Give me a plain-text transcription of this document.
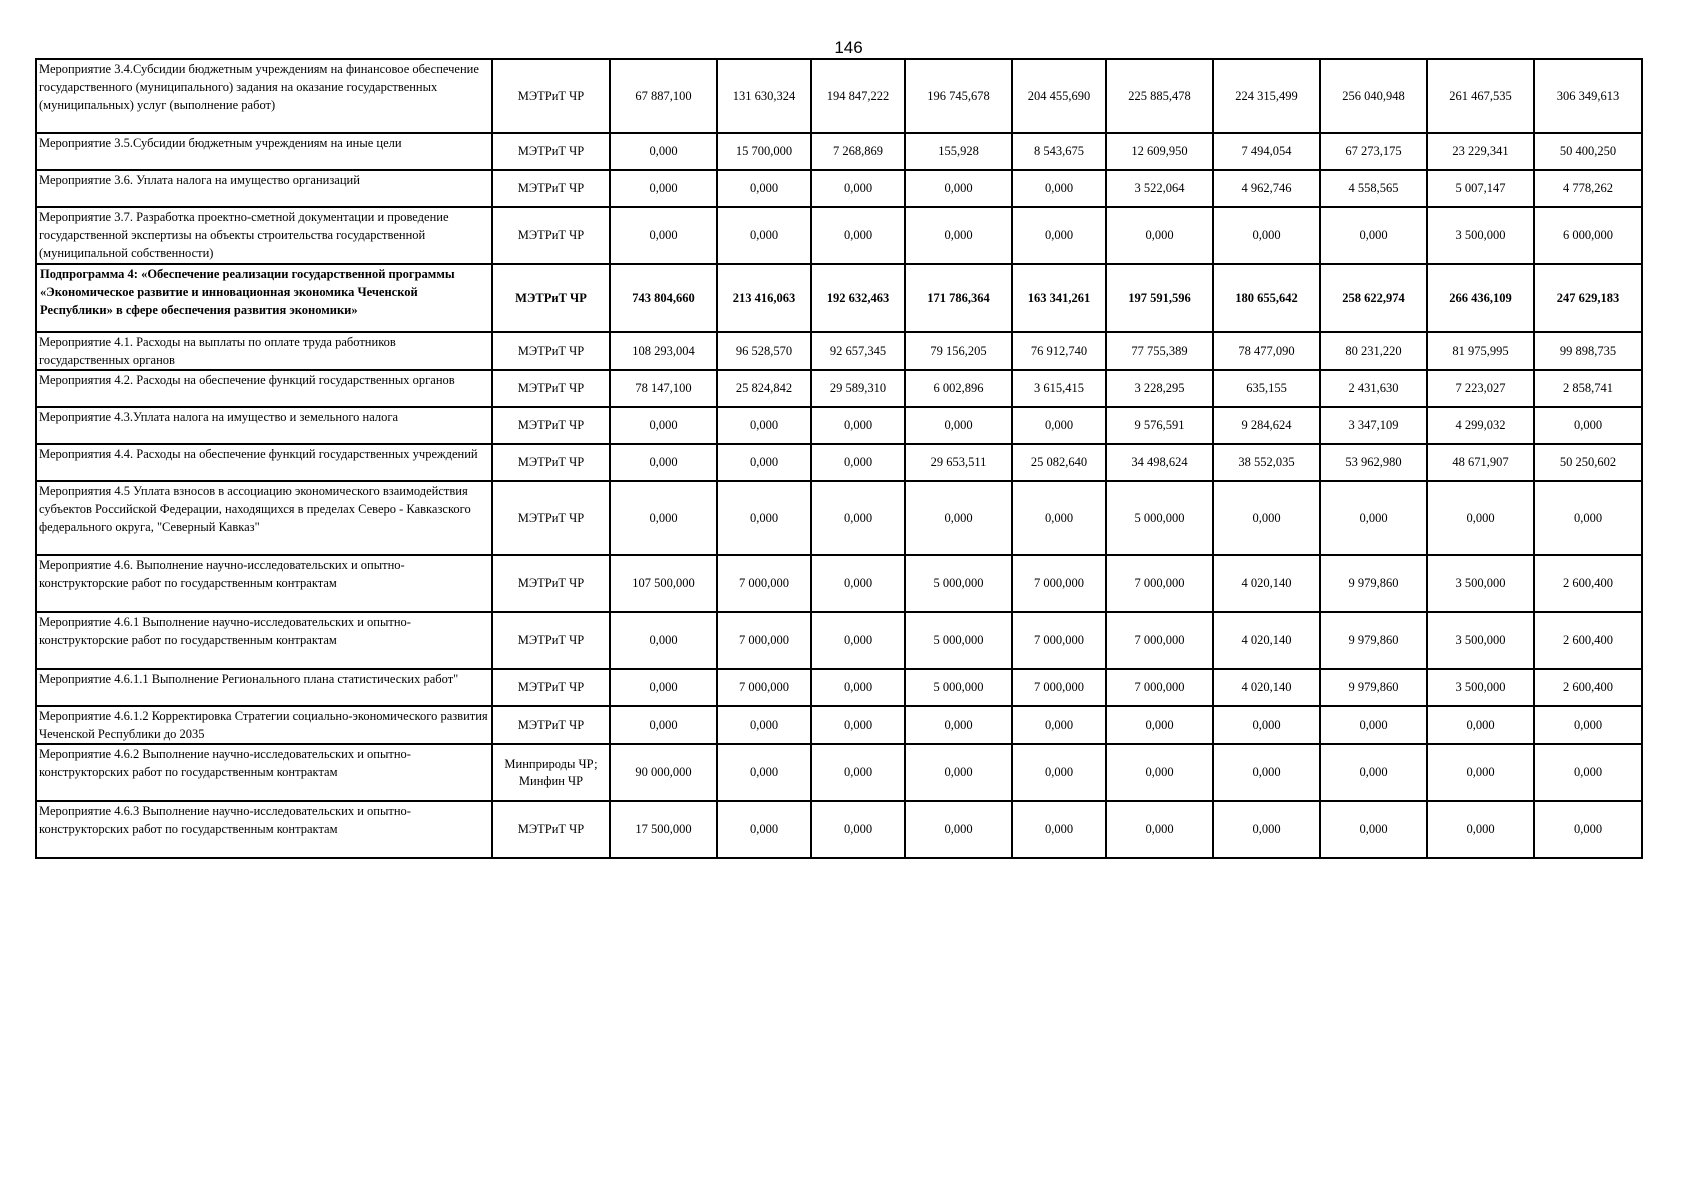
146
Мероприятие 3.4.Субсидии бюджетным учреждениям на финансовое обеспечение государственного (муниципального) задания на оказание государственных (муниципальных) услуг (выполнение работ)	МЭТРиТ ЧР	67 887,100	131 630,324	194 847,222	196 745,678	204 455,690	225 885,478	224 315,499	256 040,948	261 467,535	306 349,613
Мероприятие 3.5.Субсидии бюджетным учреждениям на иные цели	МЭТРиТ ЧР	0,000	15 700,000	7 268,869	155,928	8 543,675	12 609,950	7 494,054	67 273,175	23 229,341	50 400,250
Мероприятие 3.6. Уплата налога на имущество организаций	МЭТРиТ ЧР	0,000	0,000	0,000	0,000	0,000	3 522,064	4 962,746	4 558,565	5 007,147	4 778,262
Мероприятие 3.7. Разработка проектно-сметной документации и проведение государственной экспертизы на объекты строительства государственной (муниципальной собственности)	МЭТРиТ ЧР	0,000	0,000	0,000	0,000	0,000	0,000	0,000	0,000	3 500,000	6 000,000
Подпрограмма 4: «Обеспечение реализации государственной программы «Экономическое развитие и инновационная экономика Чеченской Республики» в сфере обеспечения развития экономики»	МЭТРиТ ЧР	743 804,660	213 416,063	192 632,463	171 786,364	163 341,261	197 591,596	180 655,642	258 622,974	266 436,109	247 629,183
Мероприятие 4.1. Расходы на выплаты по оплате труда работников государственных органов	МЭТРиТ ЧР	108 293,004	96 528,570	92 657,345	79 156,205	76 912,740	77 755,389	78 477,090	80 231,220	81 975,995	99 898,735
Мероприятия 4.2. Расходы на обеспечение функций государственных органов	МЭТРиТ ЧР	78 147,100	25 824,842	29 589,310	6 002,896	3 615,415	3 228,295	635,155	2 431,630	7 223,027	2 858,741
Мероприятие 4.3.Уплата налога на имущество и земельного налога	МЭТРиТ ЧР	0,000	0,000	0,000	0,000	0,000	9 576,591	9 284,624	3 347,109	4 299,032	0,000
Мероприятия 4.4. Расходы на обеспечение функций государственных учреждений	МЭТРиТ ЧР	0,000	0,000	0,000	29 653,511	25 082,640	34 498,624	38 552,035	53 962,980	48 671,907	50 250,602
Мероприятия 4.5 Уплата взносов в ассоциацию экономического взаимодействия субъектов Российской Федерации, находящихся в пределах Северо - Кавказского федерального округа, "Северный Кавказ"	МЭТРиТ ЧР	0,000	0,000	0,000	0,000	0,000	5 000,000	0,000	0,000	0,000	0,000
Мероприятие 4.6. Выполнение научно-исследовательских и опытно-конструкторские работ по государственным контрактам	МЭТРиТ ЧР	107 500,000	7 000,000	0,000	5 000,000	7 000,000	7 000,000	4 020,140	9 979,860	3 500,000	2 600,400
Мероприятие 4.6.1 Выполнение научно-исследовательских и опытно-конструкторские работ по государственным контрактам	МЭТРиТ ЧР	0,000	7 000,000	0,000	5 000,000	7 000,000	7 000,000	4 020,140	9 979,860	3 500,000	2 600,400
Мероприятие 4.6.1.1 Выполнение Регионального плана статистических работ"	МЭТРиТ ЧР	0,000	7 000,000	0,000	5 000,000	7 000,000	7 000,000	4 020,140	9 979,860	3 500,000	2 600,400
Мероприятие 4.6.1.2 Корректировка Стратегии социально-экономического развития Чеченской Республики до 2035	МЭТРиТ ЧР	0,000	0,000	0,000	0,000	0,000	0,000	0,000	0,000	0,000	0,000
Мероприятие 4.6.2 Выполнение научно-исследовательских и опытно-конструкторских работ по государственным контрактам	Минприроды ЧР; Минфин ЧР	90 000,000	0,000	0,000	0,000	0,000	0,000	0,000	0,000	0,000	0,000
Мероприятие 4.6.3 Выполнение научно-исследовательских и опытно-конструкторских работ по государственным контрактам	МЭТРиТ ЧР	17 500,000	0,000	0,000	0,000	0,000	0,000	0,000	0,000	0,000	0,000
